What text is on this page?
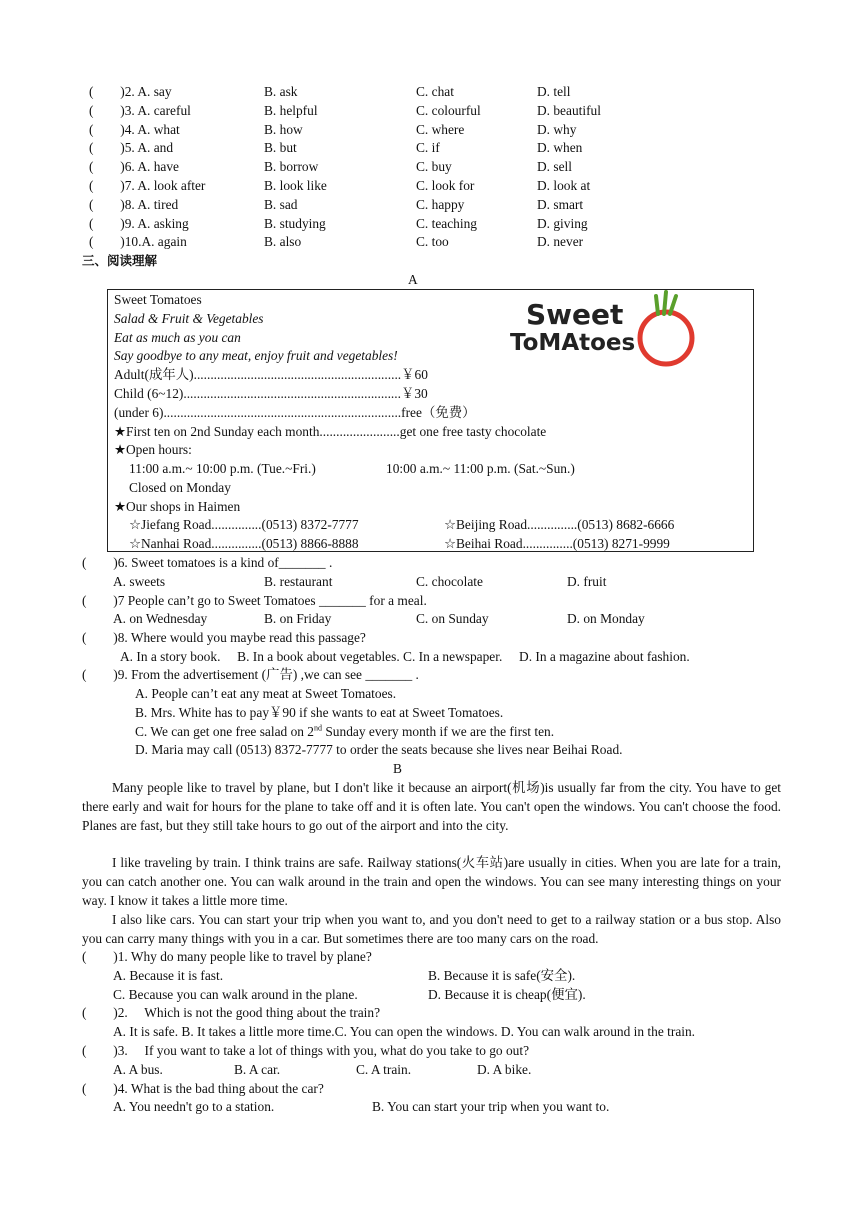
(　　)2. A. say	B. ask	C. chat	D. tell
(　　)3. A. careful	B. helpful	C. colourful	D. beautiful
(　　)4. A. what	B. how	C. where	D. why
(　　)5. A. and	B. but	C. if	D. when
(　　)6. A. have	B. borrow	C. buy	D. sell
(　　)7. A. look after	B. look like	C. look for	D. look at
(　　)8. A. tired	B. sad	C. happy	D. smart
(　　)9. A. asking	B. studying	C. teaching	D. giving
(　　)10.A. again	B. also	C. too	D. never
三、阅读理解
A
Sweet Tomatoes
Salad & Fruit & Vegetables
Eat as much as you can
Say goodbye to any meat, enjoy fruit and vegetables!
Adult(成年人)..............................................................￥60
Child (6~12).................................................................￥30
(under 6).......................................................................free（免费）
★First ten on 2nd Sunday each month........................get one free tasty chocolate
★Open hours:
11:00 a.m.~ 10:00 p.m. (Tue.~Fri.)	10:00 a.m.~ 11:00 p.m. (Sat.~Sun.)
Closed on Monday
★Our shops in Haimen
☆Jiefang Road...............(0513) 8372-7777	☆Beijing Road...............(0513) 8682-6666
☆Nanhai Road...............(0513) 8866-8888	☆Beihai Road...............(0513) 8271-9999
Sweet
ToMAtoes
(　　)6. Sweet tomatoes is a kind of_______ .
A. sweets	B. restaurant	C. chocolate	D. fruit
(　　)7 People can’t go to Sweet Tomatoes _______ for a meal.
A. on Wednesday	B. on Friday	C. on Sunday	D. on Monday
(　　)8. Where would you maybe read this passage?
A. In a story book.  B. In a book about vegetables. C. In a newspaper.  D. In a magazine about fashion.
(　　)9. From the advertisement (广告) ,we can see _______ .
A. People can’t eat any meat at Sweet Tomatoes.
B. Mrs. White has to pay￥90 if she wants to eat at Sweet Tomatoes.
C. We can get one free salad on 2nd Sunday every month if we are the first ten.
D. Maria may call (0513) 8372-7777 to order the seats because she lives near Beihai Road.
B
Many people like to travel by plane, but I don't like it because an airport(机场)is usually far from the city. You have to get there early and wait for hours for the plane to take off and it is often late. You can't open the windows. You can't choose the food. Planes are fast, but they still take hours to go out of the airport and into the city.
I like traveling by train. I think trains are safe. Railway stations(火车站)are usually in cities. When you are late for a train, you can catch another one. You can walk around in the train and open the windows. You can see many interesting things on your way. I know it takes a little more time.
I also like cars. You can start your trip when you want to, and you don't need to get to a railway station or a bus stop. Also you can carry many things with you in a car. But sometimes there are too many cars on the road.
(　　)1. Why do many people like to travel by plane?
A. Because it is fast.	B. Because it is safe(安全).
C. Because you can walk around in the plane.	D. Because it is cheap(便宜).
(　　)2.  Which is not the good thing about the train?
A. It is safe. B. It takes a little more time.C. You can open the windows. D. You can walk around in the train.
(　　)3.  If you want to take a lot of things with you, what do you take to go out?
A. A bus.	B. A car.	C. A train.	D. A bike.
(　　)4. What is the bad thing about the car?
A. You needn't go to a station.	B. You can start your trip when you want to.
